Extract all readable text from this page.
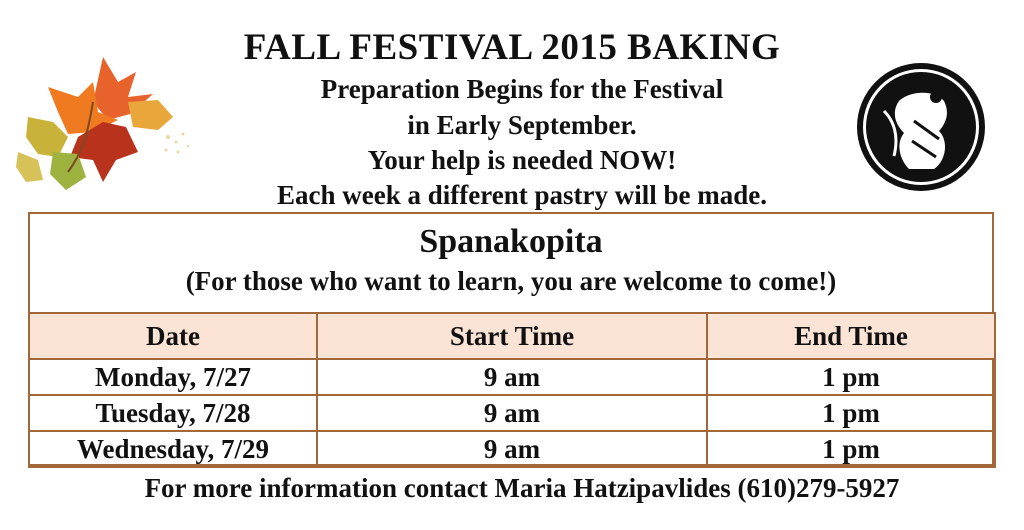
FALL FESTIVAL 2015 BAKING
Preparation Begins for the Festival
in Early September.
Your help is needed NOW!
Each week a different pastry will be made.
Spanakopita
(For those who want to learn, you are welcome to come!)
Date	Start Time	End Time
Monday, 7/27	9 am	1 pm
Tuesday, 7/28	9 am	1 pm
Wednesday, 7/29	9 am	1 pm
For more information contact Maria Hatzipavlides (610)279-5927
